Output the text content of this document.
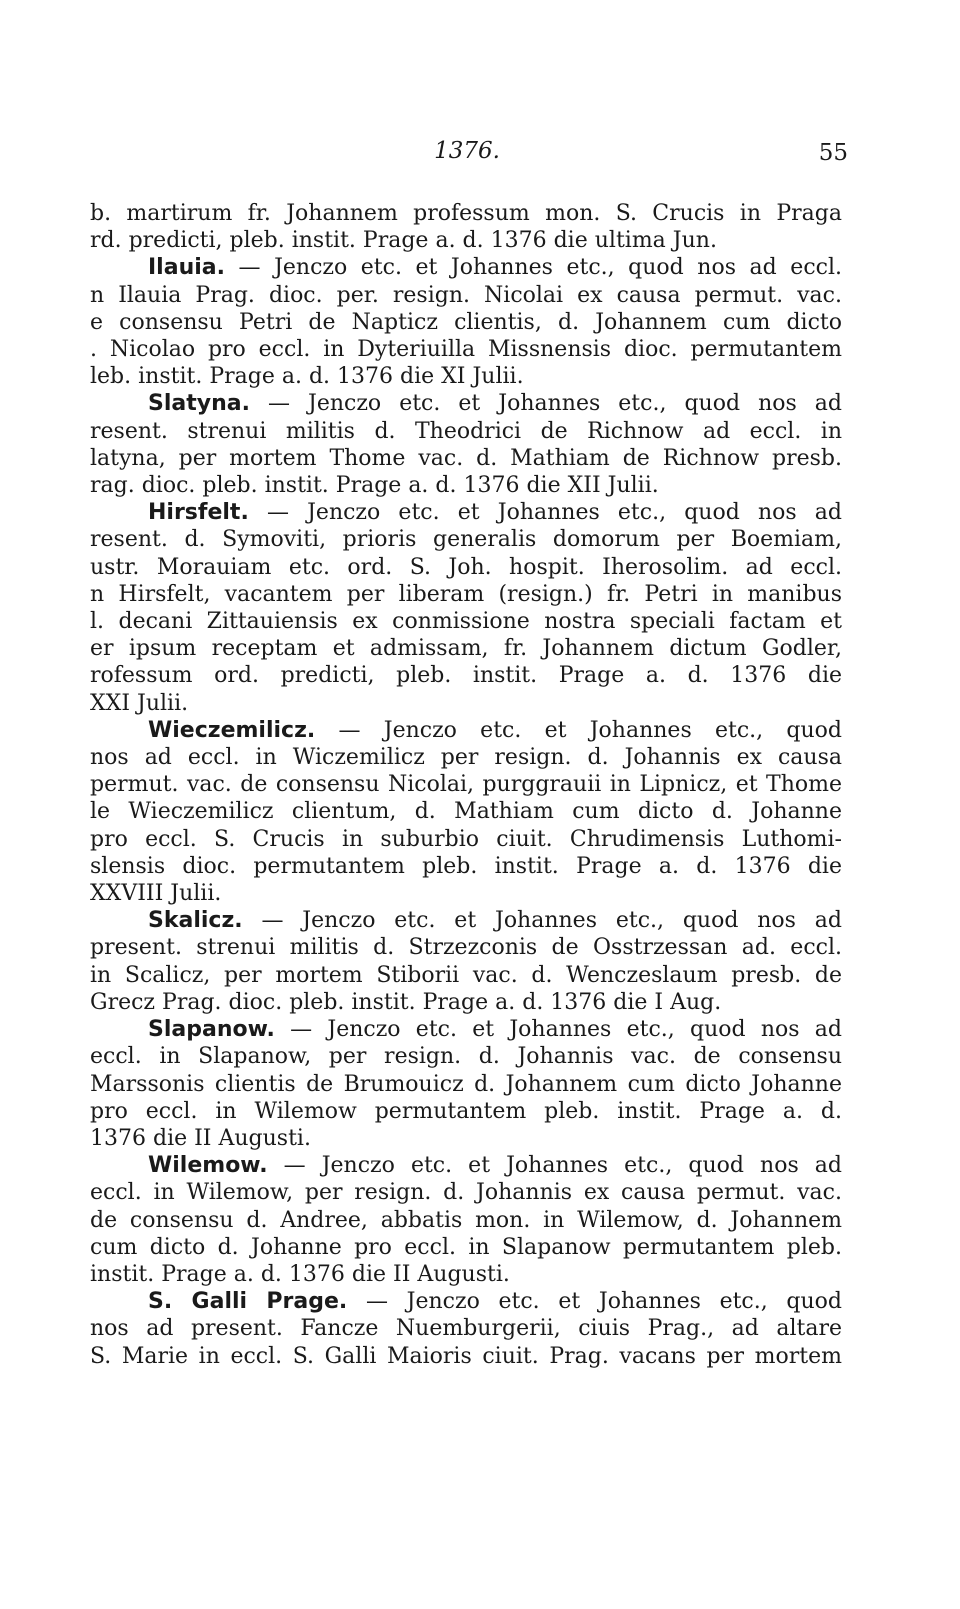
1376.	55
b. martirum fr. Johannem professum mon. S. Crucis in Praga
rd. predicti, pleb. instit. Prage a. d. 1376 die ultima Jun.
Ilauia. — Jenczo etc. et Johannes etc., quod nos ad eccl.
n Ilauia Prag. dioc. per. resign. Nicolai ex causa permut. vac.
e consensu Petri de Napticz clientis, d. Johannem cum dicto
. Nicolao pro eccl. in Dyteriuilla Missnensis dioc. permutantem
leb. instit. Prage a. d. 1376 die XI Julii.
Slatyna. — Jenczo etc. et Johannes etc., quod nos ad
resent. strenui militis d. Theodrici de Richnow ad eccl. in
latyna, per mortem Thome vac. d. Mathiam de Richnow presb.
rag. dioc. pleb. instit. Prage a. d. 1376 die XII Julii.
Hirsfelt. — Jenczo etc. et Johannes etc., quod nos ad
resent. d. Symoviti, prioris generalis domorum per Boemiam,
ustr. Morauiam etc. ord. S. Joh. hospit. Iherosolim. ad eccl.
n Hirsfelt, vacantem per liberam (resign.) fr. Petri in manibus
l. decani Zittauiensis ex conmissione nostra speciali factam et
er ipsum receptam et admissam, fr. Johannem dictum Godler,
rofessum ord. predicti, pleb. instit. Prage a. d. 1376 die
XXI Julii.
Wieczemilicz. — Jenczo etc. et Johannes etc., quod
nos ad eccl. in Wiczemilicz per resign. d. Johannis ex causa
permut. vac. de consensu Nicolai, purggrauii in Lipnicz, et Thome
le Wieczemilicz clientum, d. Mathiam cum dicto d. Johanne
pro eccl. S. Crucis in suburbio ciuit. Chrudimensis Luthomi-
slensis dioc. permutantem pleb. instit. Prage a. d. 1376 die
XXVIII Julii.
Skalicz. — Jenczo etc. et Johannes etc., quod nos ad
present. strenui militis d. Strzezconis de Osstrzessan ad. eccl.
in Scalicz, per mortem Stiborii vac. d. Wenczeslaum presb. de
Grecz Prag. dioc. pleb. instit. Prage a. d. 1376 die I Aug.
Slapanow. — Jenczo etc. et Johannes etc., quod nos ad
eccl. in Slapanow, per resign. d. Johannis vac. de consensu
Marssonis clientis de Brumouicz d. Johannem cum dicto Johanne
pro eccl. in Wilemow permutantem pleb. instit. Prage a. d.
1376 die II Augusti.
Wilemow. — Jenczo etc. et Johannes etc., quod nos ad
eccl. in Wilemow, per resign. d. Johannis ex causa permut. vac.
de consensu d. Andree, abbatis mon. in Wilemow, d. Johannem
cum dicto d. Johanne pro eccl. in Slapanow permutantem pleb.
instit. Prage a. d. 1376 die II Augusti.
S. Galli Prage. — Jenczo etc. et Johannes etc., quod
nos ad present. Fancze Nuemburgerii, ciuis Prag., ad altare
S. Marie in eccl. S. Galli Maioris ciuit. Prag. vacans per mortem
